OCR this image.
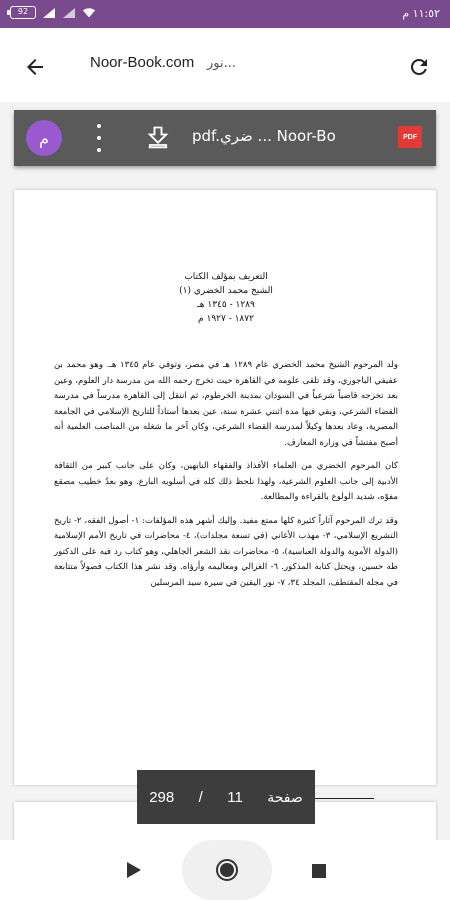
92	١١:٥٢ م
Noor-Book.com ...نور
م	pdf.ضري ... Noor-Bo	PDF
التعريف بمؤلف الكتاب
الشيخ محمد الخضري (١)
١٢٨٩ - ١٣٤٥ هـ
١٨٧٢ - ١٩٢٧ م

ولد المرحوم الشيخ محمد الخضري عام ١٢٨٩ هـ في مصر، وتوفي عام ١٣٤٥ هـ. وهو محمد بن عفيفي الباجوري، وقد تلقى علومه في القاهرة حيث تخرج رحمه الله من مدرسة دار العلوم، وعين بعد تخرجه قاضياً شرعياً في السودان بمدينة الخرطوم، ثم انتقل إلى القاهرة مدرساً في مدرسة القضاء الشرعي، وبقي فيها مدة اثنتي عشرة سنة، عين بعدها أستاذاً للتاريخ الإسلامي في الجامعة المصرية، وعاد بعدها وكيلاً لمدرسة القضاء الشرعي، وكان آخر ما شغله من المناصب العلمية أنه أصبح مفتشاً في وزارة المعارف.

كان المرحوم الخضري من العلماء الأفذاذ والفقهاء النابهين، وكان على جانب كبير من الثقافة الأدبية إلى جانب العلوم الشرعية، ولهذا نلحظ ذلك كله في أسلوبه البارع. وهو بعدُ خطيب مصقع مفوّه، شديد الولوع بالقراءة والمطالعة.

وقد ترك المرحوم آثاراً كثيرة كلها ممتع مفيد. وإليك أشهر هذه المؤلفات: ١- أصول الفقه، ٢- تاريخ التشريع الإسلامي، ٣- مهذب الأغاني (في تسعة مجلدات)، ٤- محاضرات في تاريخ الأمم الإسلامية (الدولة الأموية والدولة العباسية)، ٥- محاضرات نقد الشعر الجاهلي، وهو كتاب رد فيه على الدكتور طه حسين، ويحتل كتابه المذكور. ٦- الغزالي ومعاليمه وأرؤاه. وقد نشر هذا الكتاب فصولاً متتابعة في مجلة المقتطف، المجلد ٣٤، ٧- نور اليقين في سيرة سيد المرسلين

298 / 11 صفحة
